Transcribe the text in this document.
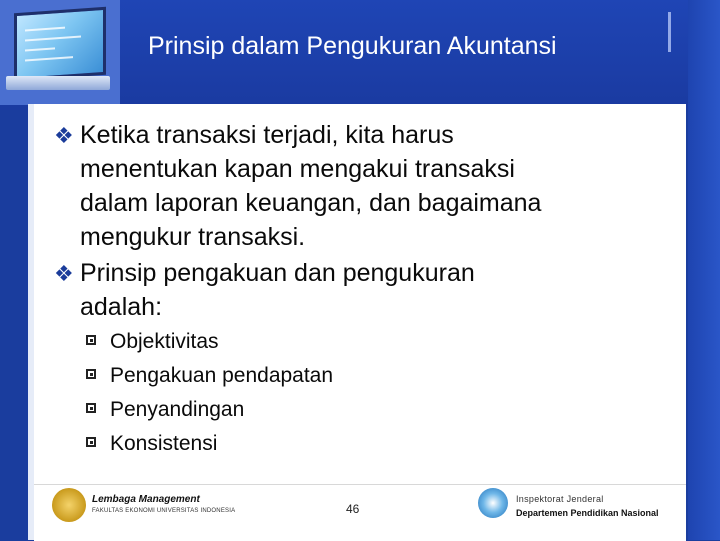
Prinsip dalam Pengukuran Akuntansi
❖ Ketika transaksi terjadi, kita harus
menentukan kapan mengakui transaksi
dalam laporan keuangan, dan bagaimana
mengukur transaksi.
❖ Prinsip pengakuan dan pengukuran
adalah:
Objektivitas
Pengakuan pendapatan
Penyandingan
Konsistensi
Lembaga Management
FAKULTAS EKONOMI UNIVERSITAS INDONESIA	46
Inspektorat Jenderal
Departemen Pendidikan Nasional
